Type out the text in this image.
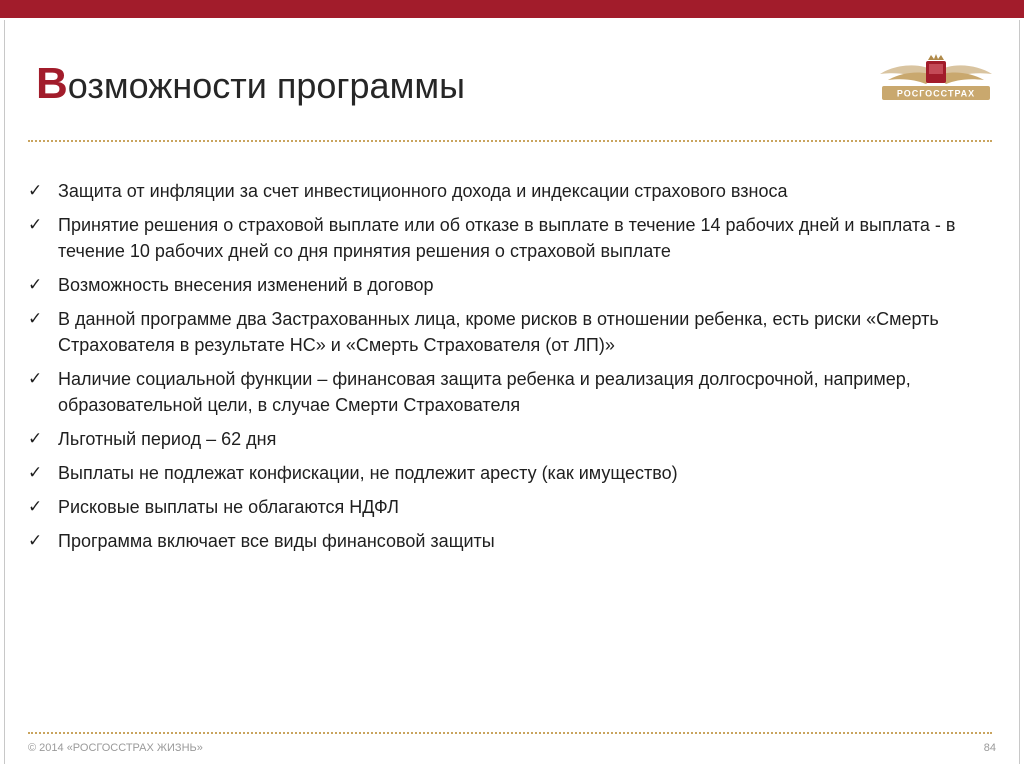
Возможности программы	РОСГОССТРАХ
✓ Защита от инфляции за счет инвестиционного дохода и индексации страхового взноса
✓ Принятие решения о страховой выплате или об отказе в выплате в течение 14 рабочих дней и выплата - в течение 10 рабочих дней со дня принятия решения о страховой выплате
✓ Возможность внесения изменений в договор
✓ В данной программе два Застрахованных лица, кроме рисков в отношении ребенка, есть риски «Смерть Страхователя в результате НС» и «Смерть Страхователя (от ЛП)»
✓ Наличие социальной функции – финансовая защита ребенка и реализация долгосрочной, например, образовательной цели, в случае Смерти Страхователя
✓ Льготный период – 62 дня
✓ Выплаты не подлежат конфискации, не подлежит аресту (как имущество)
✓ Рисковые выплаты не облагаются НДФЛ
✓ Программа включает все виды финансовой защиты
© 2014 «РОСГОССТРАХ ЖИЗНЬ»	84
